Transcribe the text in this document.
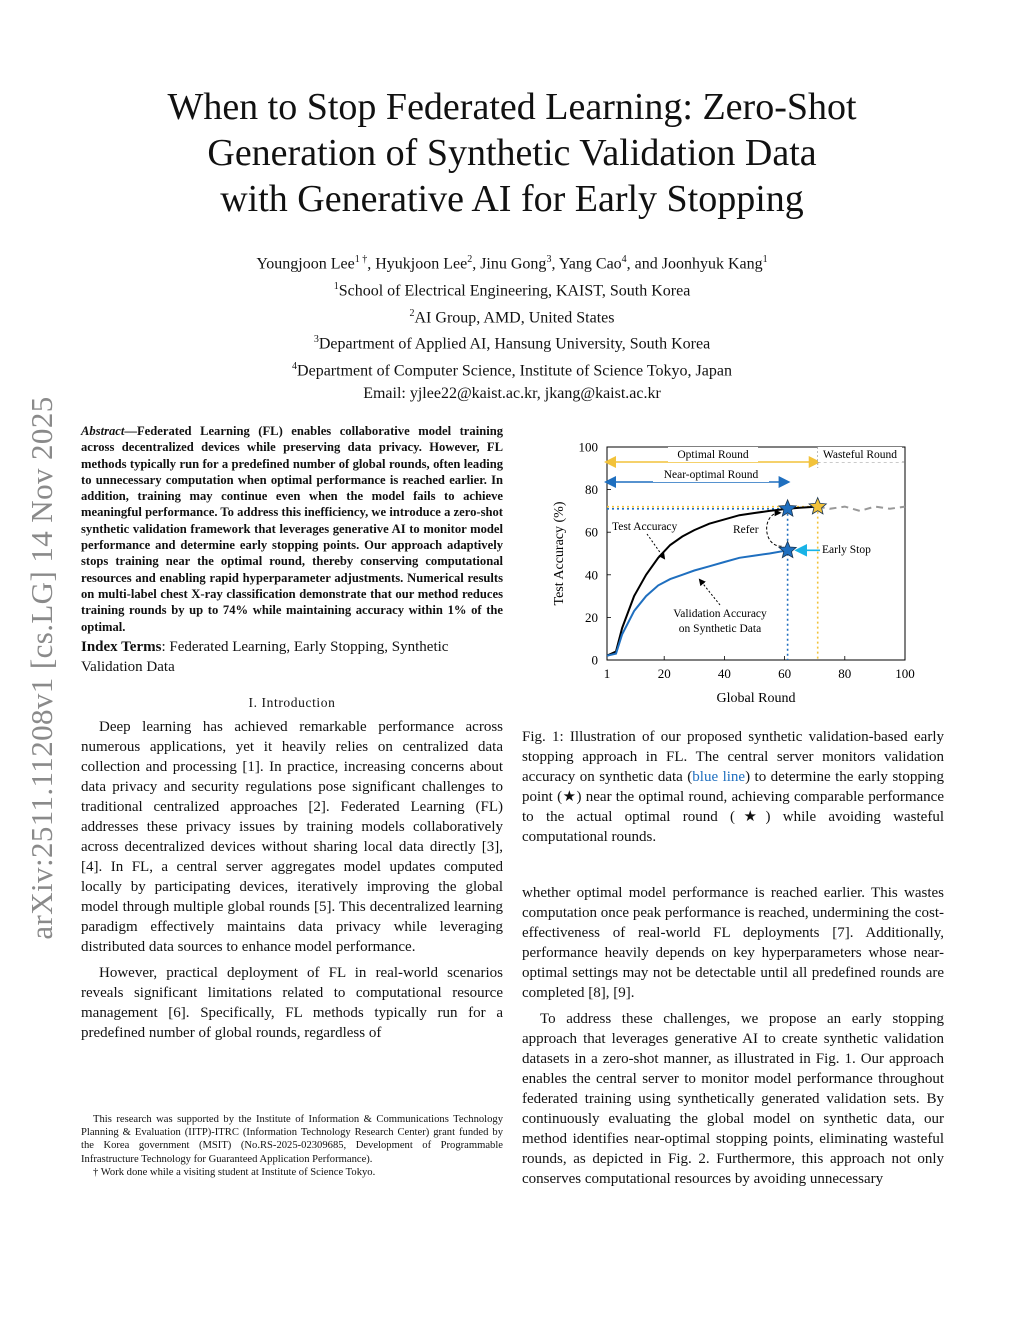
arXiv:2511.11208v1 [cs.LG] 14 Nov 2025
When to Stop Federated Learning: Zero-Shot
Generation of Synthetic Validation Data
with Generative AI for Early Stopping
Youngjoon Lee$^{1 \dagger}$, Hyukjoon Lee$^2$, Jinu Gong$^3$, Yang Cao$^4$, and Joonhyuk Kang$^1$
$^1$School of Electrical Engineering, KAIST, South Korea
$^2$AI Group, AMD, United States
$^3$Department of Applied AI, Hansung University, South Korea
$^4$Department of Computer Science, Institute of Science Tokyo, Japan
Email: yjlee22@kaist.ac.kr, jkang@kaist.ac.kr
Abstract—Federated Learning (FL) enables collaborative model training across decentralized devices while preserving data privacy. However, FL methods typically run for a predefined number of global rounds, often leading to unnecessary computation when optimal performance is reached earlier. In addition, training may continue even when the model fails to achieve meaningful performance. To address this inefficiency, we introduce a zero-shot synthetic validation framework that leverages generative AI to monitor model performance and determine early stopping points. Our approach adaptively stops training near the optimal round, thereby conserving computational resources and enabling rapid hyperparameter adjustments. Numerical results on multi-label chest X-ray classification demonstrate that our method reduces training rounds by up to 74% while maintaining accuracy within 1% of the optimal.
Index Terms: Federated Learning, Early Stopping, Synthetic Validation Data
I. Introduction

Deep learning has achieved remarkable performance across numerous applications, yet it heavily relies on centralized data collection and processing [1]. In practice, increasing concerns about data privacy and security regulations pose significant challenges to traditional centralized approaches [2]. Federated Learning (FL) addresses these privacy issues by training models collaboratively across decentralized devices without sharing local data directly [3], [4]. In FL, a central server aggregates model updates computed locally by participating devices, iteratively improving the global model through multiple global rounds [5]. This decentralized learning paradigm effectively maintains data privacy while leveraging distributed data sources to enhance model performance.

However, practical deployment of FL in real-world scenarios reveals significant limitations related to computational resource management [6]. Specifically, FL methods typically run for a predefined number of global rounds, regardless of

This research was supported by the Institute of Information & Communications Technology Planning & Evaluation (IITP)-ITRC (Information Technology Research Center) grant funded by the Korea government (MSIT) (No.RS-2025-02309685, Development of Programmable Infrastructure Technology for Guaranteed Application Performance).

† Work done while a visiting student at Institute of Science Tokyo.

1	20	40	60	80	100
0
20
40
60
80
100
Global Round
Test Accuracy (%)
Optimal Round	Wasteful Round
Near-optimal Round
Test Accuracy	Refer
Early Stop
Validation Accuracy
on Synthetic Data
Fig. 1: Illustration of our proposed synthetic validation-based early stopping approach in FL. The central server monitors validation accuracy on synthetic data (blue line) to determine the early stopping point (★) near the optimal round, achieving comparable performance to the actual optimal round (★) while avoiding wasteful computational rounds.

whether optimal model performance is reached earlier. This wastes computation once peak performance is reached, undermining the cost-effectiveness of real-world FL deployments [7]. Additionally, performance heavily depends on key hyperparameters whose near-optimal settings may not be detectable until all predefined rounds are completed [8], [9].

To address these challenges, we propose an early stopping approach that leverages generative AI to create synthetic validation datasets in a zero-shot manner, as illustrated in Fig. 1. Our approach enables the central server to monitor model performance throughout federated training using synthetically generated validation sets. By continuously evaluating the global model on synthetic data, our method identifies near-optimal stopping points, eliminating wasteful rounds, as depicted in Fig. 2. Furthermore, this approach not only conserves computational resources by avoiding unnecessary
